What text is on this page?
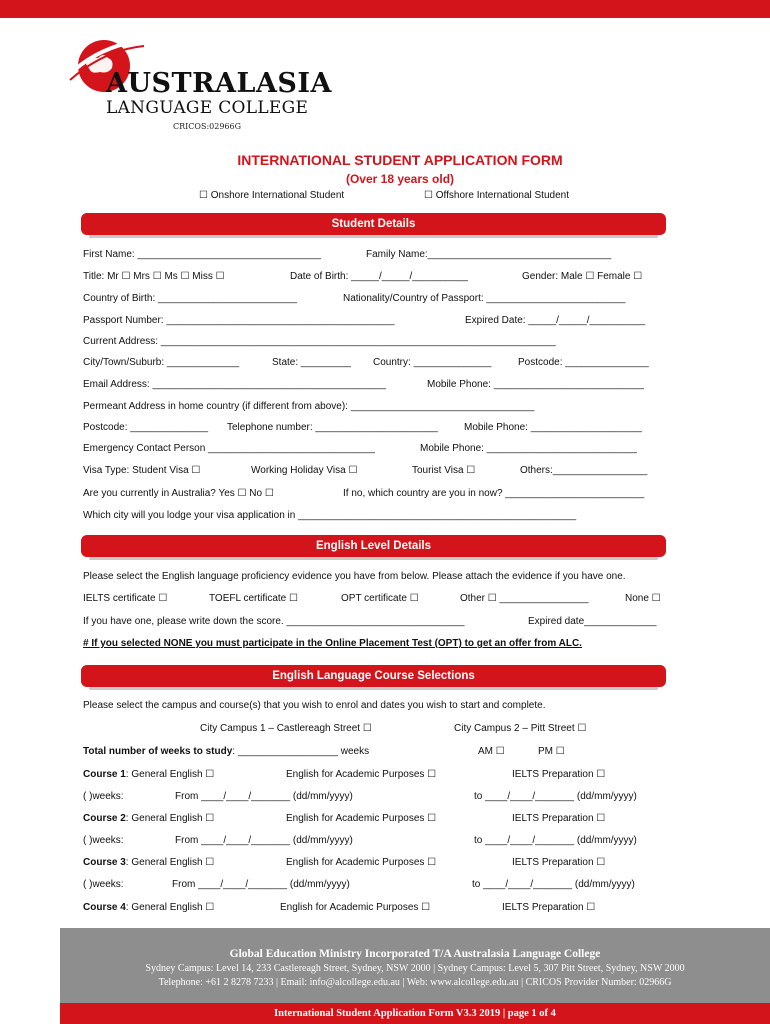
AUSTRALASIA
LANGUAGE COLLEGE
CRICOS:02966G
INTERNATIONAL STUDENT APPLICATION FORM
(Over 18 years old)
☐ Onshore International Student	☐ Offshore International Student
Student Details
First Name: _________________________________	Family Name:_________________________________
Title: Mr ☐ Mrs ☐ Ms ☐ Miss ☐	Date of Birth: _____/_____/__________	Gender: Male ☐ Female ☐
Country of Birth: _________________________	Nationality/Country of Passport: _________________________
Passport Number: _________________________________________	Expired Date: _____/_____/__________
Current Address: _______________________________________________________________________
City/Town/Suburb: _____________	State: _________ Country: ______________	Postcode: _______________
Email Address: __________________________________________	Mobile Phone: ___________________________
Permeant Address in home country (if different from above): _________________________________
Postcode: ______________ Telephone number: ______________________	Mobile Phone: ____________________
Emergency Contact Person ______________________________	Mobile Phone: ___________________________
Visa Type: Student Visa ☐	Working Holiday Visa ☐	Tourist Visa ☐	Others:_________________
Are you currently in Australia? Yes ☐ No ☐	If no, which country are you in now? _________________________
Which city will you lodge your visa application in __________________________________________________
English Level Details
Please select the English language proficiency evidence you have from below. Please attach the evidence if you have one.
IELTS certificate ☐	TOEFL certificate ☐	OPT certificate ☐	Other ☐ ________________	None ☐
If you have one, please write down the score. ________________________________	Expired date_____________
# If you selected NONE you must participate in the Online Placement Test (OPT) to get an offer from ALC.
English Language Course Selections
Please select the campus and course(s) that you wish to enrol and dates you wish to start and complete.
City Campus 1 – Castlereagh Street ☐	City Campus 2 – Pitt Street ☐
Total number of weeks to study: __________________ weeks	AM ☐	PM ☐
Course 1: General English ☐	English for Academic Purposes ☐	IELTS Preparation ☐
( )weeks:	From ____/____/_______ (dd/mm/yyyy)	to ____/____/_______ (dd/mm/yyyy)
Course 2: General English ☐	English for Academic Purposes ☐	IELTS Preparation ☐
( )weeks:	From ____/____/_______ (dd/mm/yyyy)	to ____/____/_______ (dd/mm/yyyy)
Course 3: General English ☐	English for Academic Purposes ☐	IELTS Preparation ☐
( )weeks:	From ____/____/_______ (dd/mm/yyyy)	to ____/____/_______ (dd/mm/yyyy)
Course 4: General English ☐	English for Academic Purposes ☐	IELTS Preparation ☐
Global Education Ministry Incorporated T/A Australasia Language College
Sydney Campus: Level 14, 233 Castlereagh Street, Sydney, NSW 2000 | Sydney Campus: Level 5, 307 Pitt Street, Sydney, NSW 2000
Telephone: +61 2 8278 7233 | Email: info@alcollege.edu.au | Web: www.alcollege.edu.au | CRICOS Provider Number: 02966G
International Student Application Form V3.3 2019 | page 1 of 4
